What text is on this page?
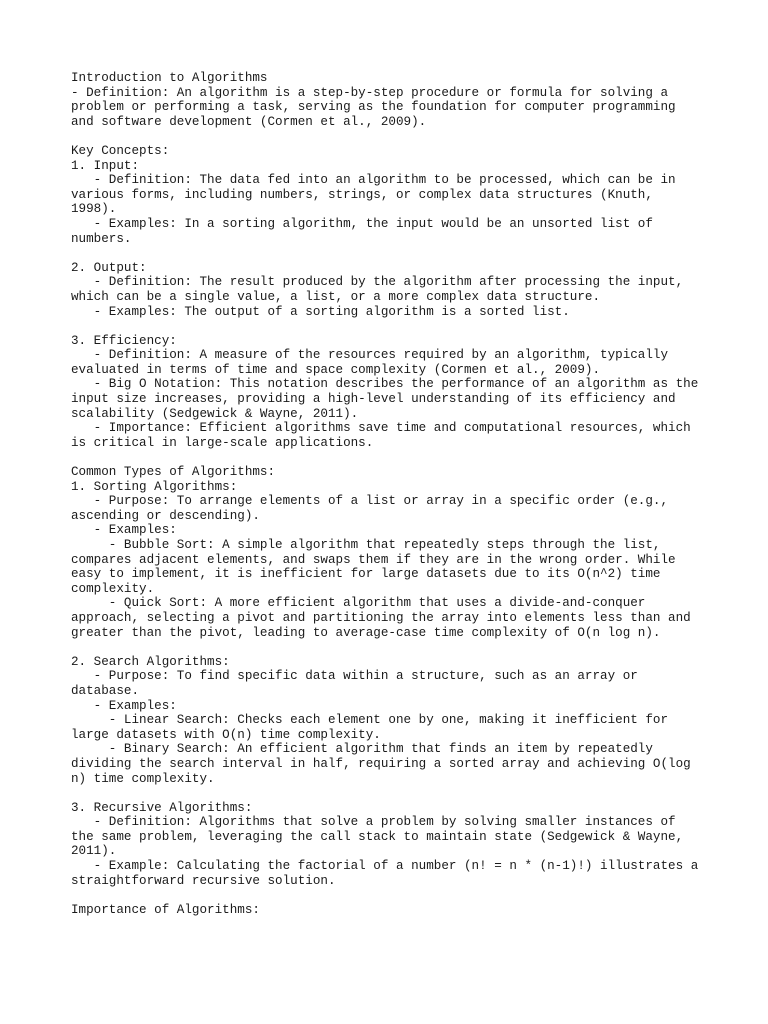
Introduction to Algorithms
- Definition: An algorithm is a step-by-step procedure or formula for solving a
problem or performing a task, serving as the foundation for computer programming
and software development (Cormen et al., 2009).
Key Concepts:
1. Input:
- Definition: The data fed into an algorithm to be processed, which can be in
various forms, including numbers, strings, or complex data structures (Knuth,
1998).
- Examples: In a sorting algorithm, the input would be an unsorted list of
numbers.
2. Output:
- Definition: The result produced by the algorithm after processing the input,
which can be a single value, a list, or a more complex data structure.
- Examples: The output of a sorting algorithm is a sorted list.
3. Efficiency:
- Definition: A measure of the resources required by an algorithm, typically
evaluated in terms of time and space complexity (Cormen et al., 2009).
- Big O Notation: This notation describes the performance of an algorithm as the
input size increases, providing a high-level understanding of its efficiency and
scalability (Sedgewick & Wayne, 2011).
- Importance: Efficient algorithms save time and computational resources, which
is critical in large-scale applications.
Common Types of Algorithms:
1. Sorting Algorithms:
- Purpose: To arrange elements of a list or array in a specific order (e.g.,
ascending or descending).
- Examples:
- Bubble Sort: A simple algorithm that repeatedly steps through the list,
compares adjacent elements, and swaps them if they are in the wrong order. While
easy to implement, it is inefficient for large datasets due to its O(n^2) time
complexity.
- Quick Sort: A more efficient algorithm that uses a divide-and-conquer
approach, selecting a pivot and partitioning the array into elements less than and
greater than the pivot, leading to average-case time complexity of O(n log n).
2. Search Algorithms:
- Purpose: To find specific data within a structure, such as an array or
database.
- Examples:
- Linear Search: Checks each element one by one, making it inefficient for
large datasets with O(n) time complexity.
- Binary Search: An efficient algorithm that finds an item by repeatedly
dividing the search interval in half, requiring a sorted array and achieving O(log
n) time complexity.
3. Recursive Algorithms:
- Definition: Algorithms that solve a problem by solving smaller instances of
the same problem, leveraging the call stack to maintain state (Sedgewick & Wayne,
2011).
- Example: Calculating the factorial of a number (n! = n * (n-1)!) illustrates a
straightforward recursive solution.
Importance of Algorithms:
